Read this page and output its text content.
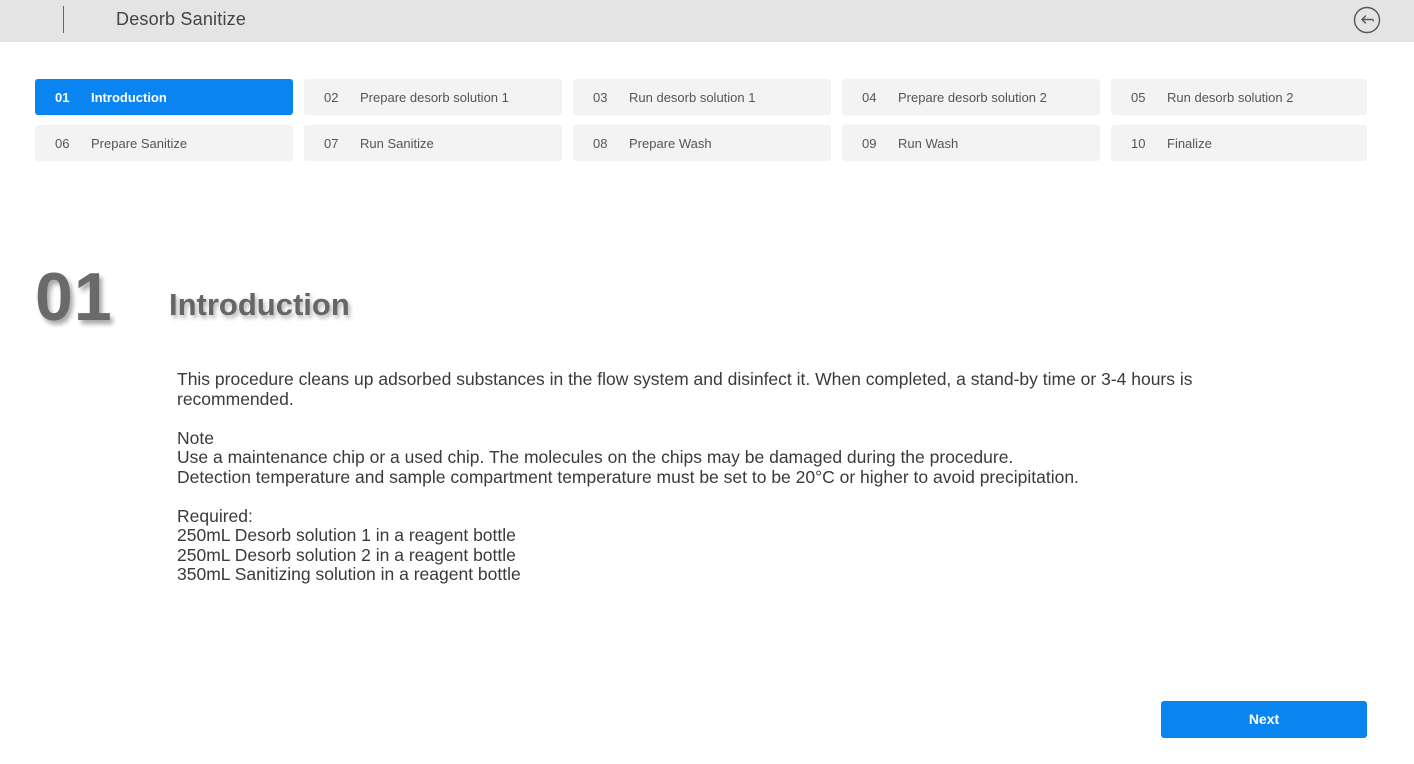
Desorb Sanitize
01 Introduction	02 Prepare desorb solution 1	03 Run desorb solution 1	04 Prepare desorb solution 2	05 Run desorb solution 2
06 Prepare Sanitize	07 Run Sanitize	08 Prepare Wash	09 Run Wash	10 Finalize
01 Introduction

This procedure cleans up adsorbed substances in the flow system and disinfect it. When completed, a stand-by time or 3-4 hours is recommended.

Note

Use a maintenance chip or a used chip. The molecules on the chips may be damaged during the procedure.

Detection temperature and sample compartment temperature must be set to be 20°C or higher to avoid precipitation.

Required:

250mL Desorb solution 1 in a reagent bottle

250mL Desorb solution 2 in a reagent bottle

350mL Sanitizing solution in a reagent bottle

Next
